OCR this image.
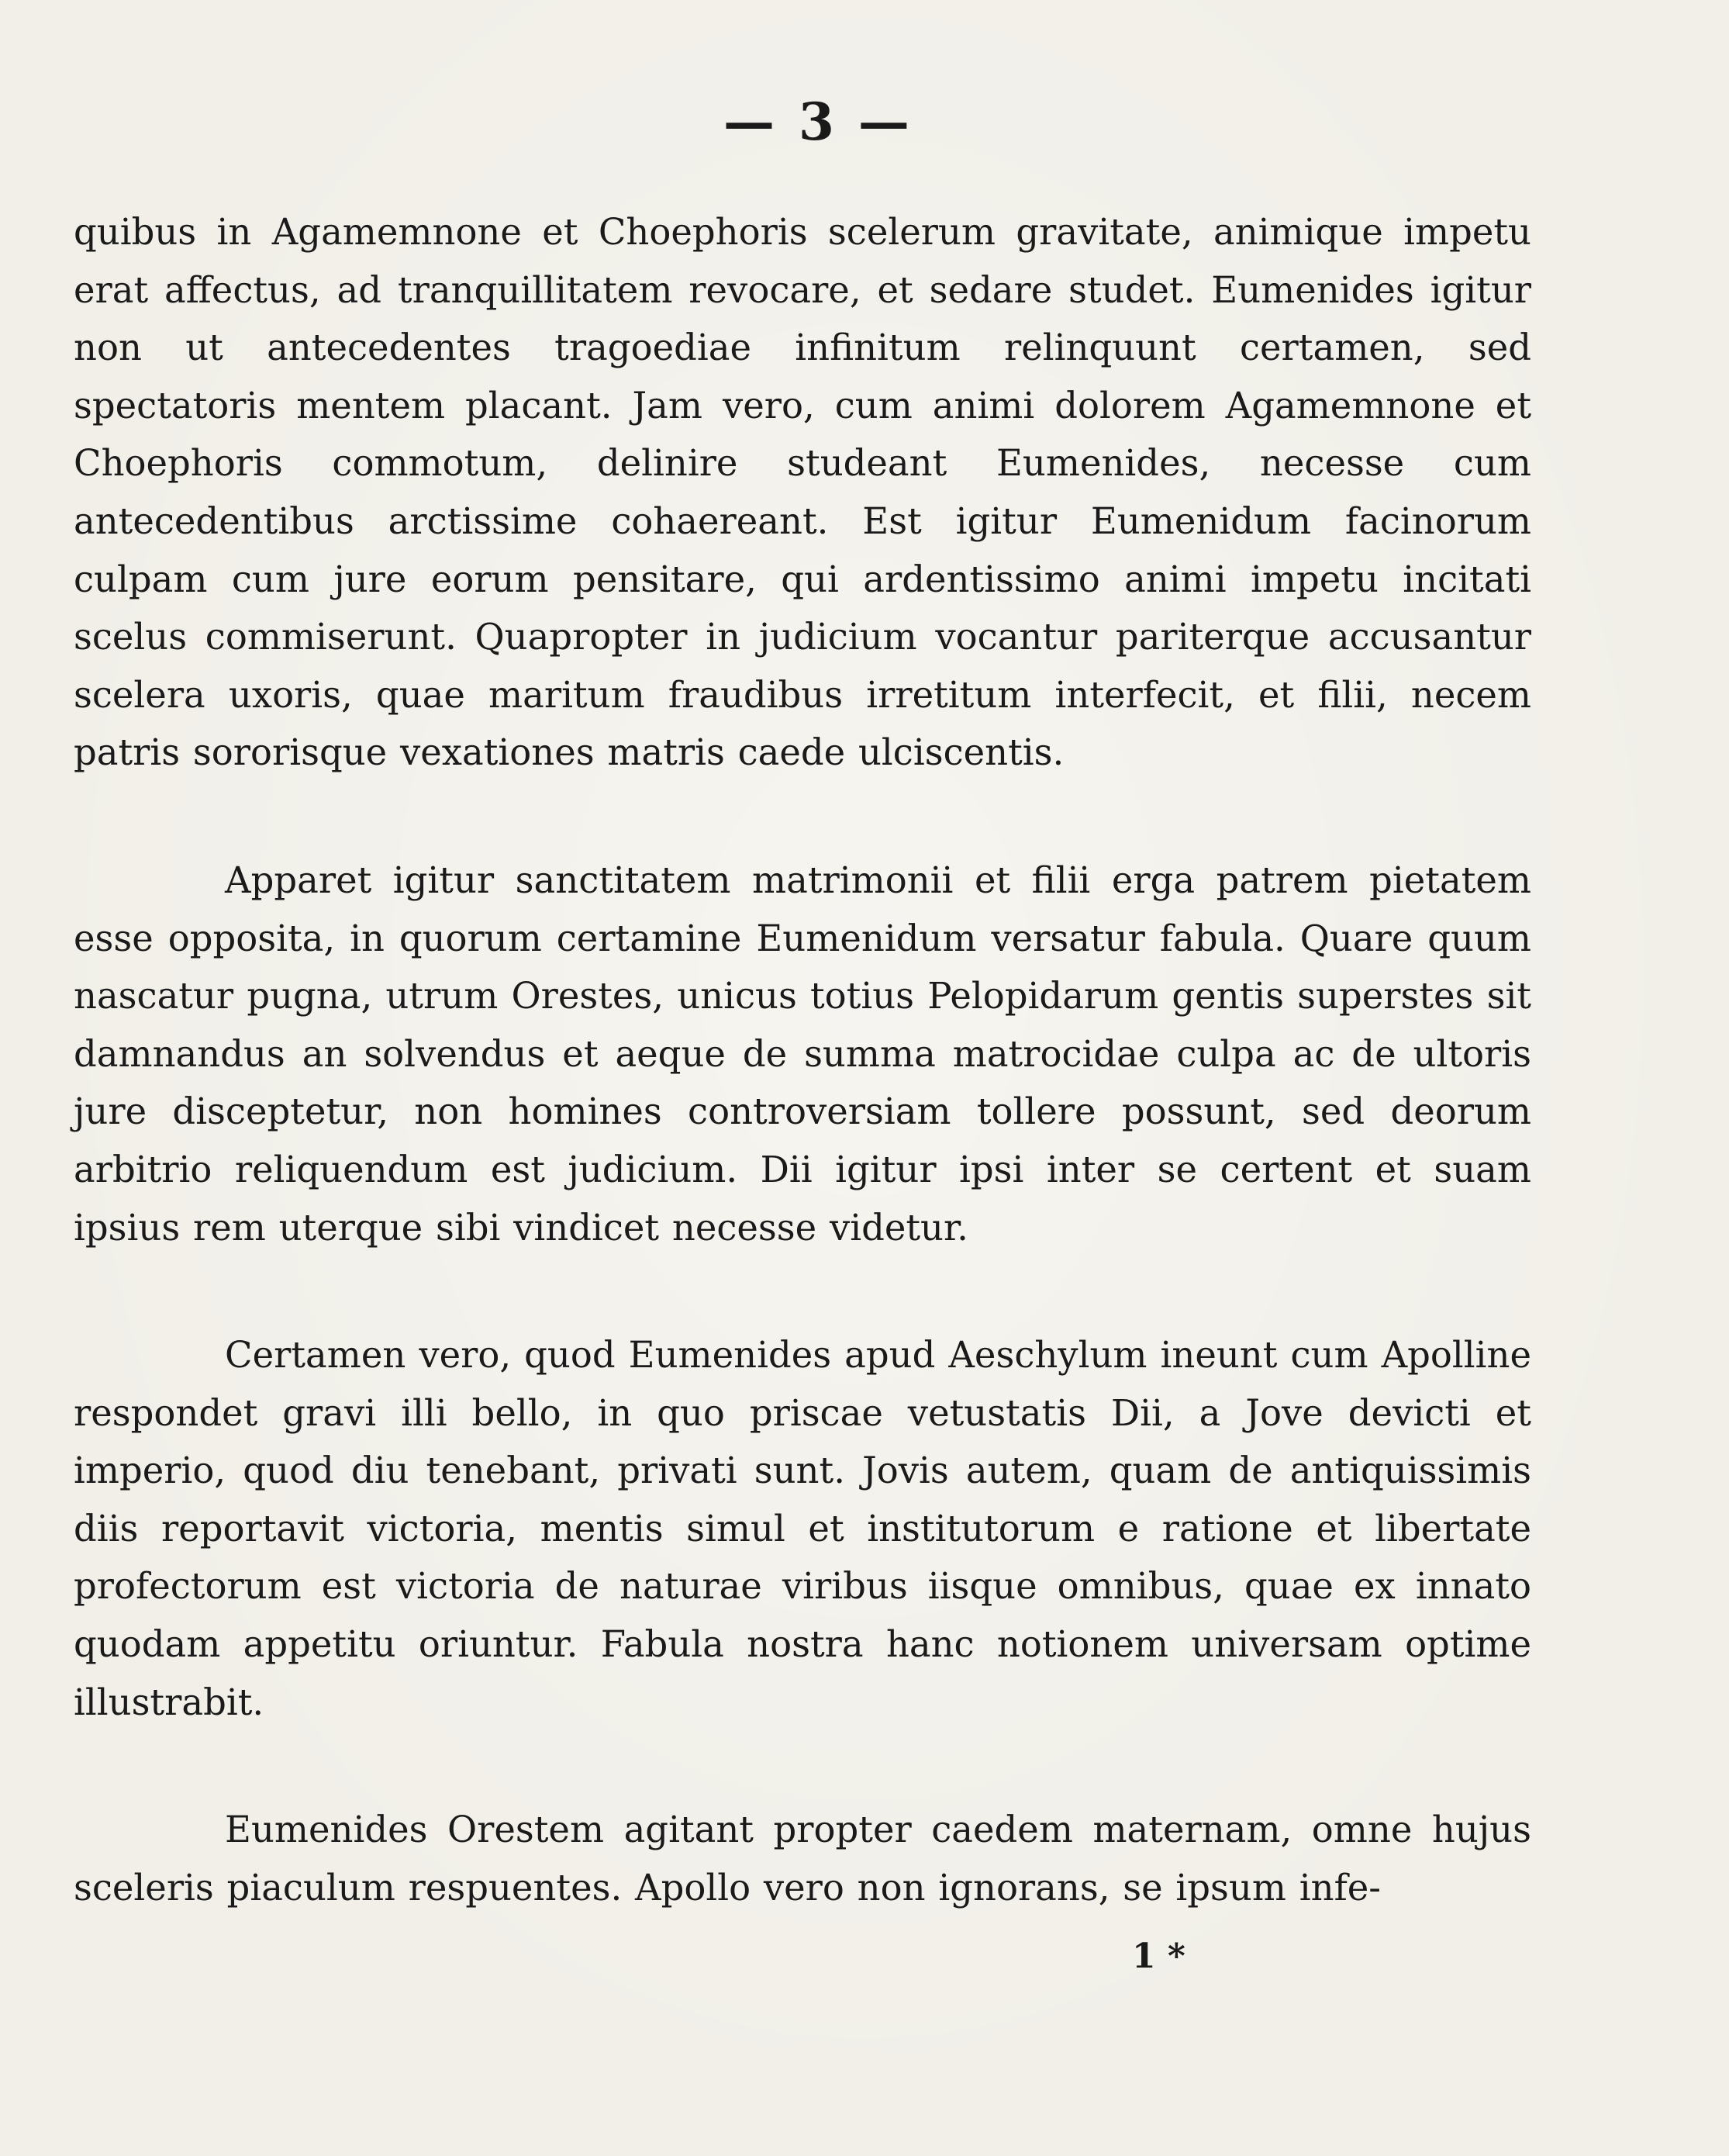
— 3 —

quibus in Agamemnone et Choephoris scelerum gravitate, animique impetu erat affectus, ad tranquillitatem revocare, et sedare studet. Eumenides igitur non ut antecedentes tragoediae infinitum relinquunt certamen, sed spectatoris mentem placant. Jam vero, cum animi dolorem Agamemnone et Choephoris commotum, delinire studeant Eumenides, necesse cum antecedentibus arctissime cohaereant. Est igitur Eumenidum facinorum culpam cum jure eorum pensitare, qui ardentissimo animi impetu incitati scelus commiserunt. Quapropter in judicium vocantur pariterque accusantur scelera uxoris, quae maritum fraudibus irretitum interfecit, et filii, necem patris sororisque vexationes matris caede ulciscentis.

Apparet igitur sanctitatem matrimonii et filii erga patrem pietatem esse opposita, in quorum certamine Eumenidum versatur fabula. Quare quum nascatur pugna, utrum Orestes, unicus totius Pelopidarum gentis superstes sit damnandus an solvendus et aeque de summa matrocidae culpa ac de ultoris jure disceptetur, non homines controversiam tollere possunt, sed deorum arbitrio reliquendum est judicium. Dii igitur ipsi inter se certent et suam ipsius rem uterque sibi vindicet necesse videtur.

Certamen vero, quod Eumenides apud Aeschylum ineunt cum Apolline respondet gravi illi bello, in quo priscae vetustatis Dii, a Jove devicti et imperio, quod diu tenebant, privati sunt. Jovis autem, quam de antiquissimis diis reportavit victoria, mentis simul et institutorum e ratione et libertate profectorum est victoria de naturae viribus iisque omnibus, quae ex innato quodam appetitu oriuntur. Fabula nostra hanc notionem universam optime illustrabit.

Eumenides Orestem agitant propter caedem maternam, omne hujus sceleris piaculum respuentes. Apollo vero non ignorans, se ipsum infe-

1 *
